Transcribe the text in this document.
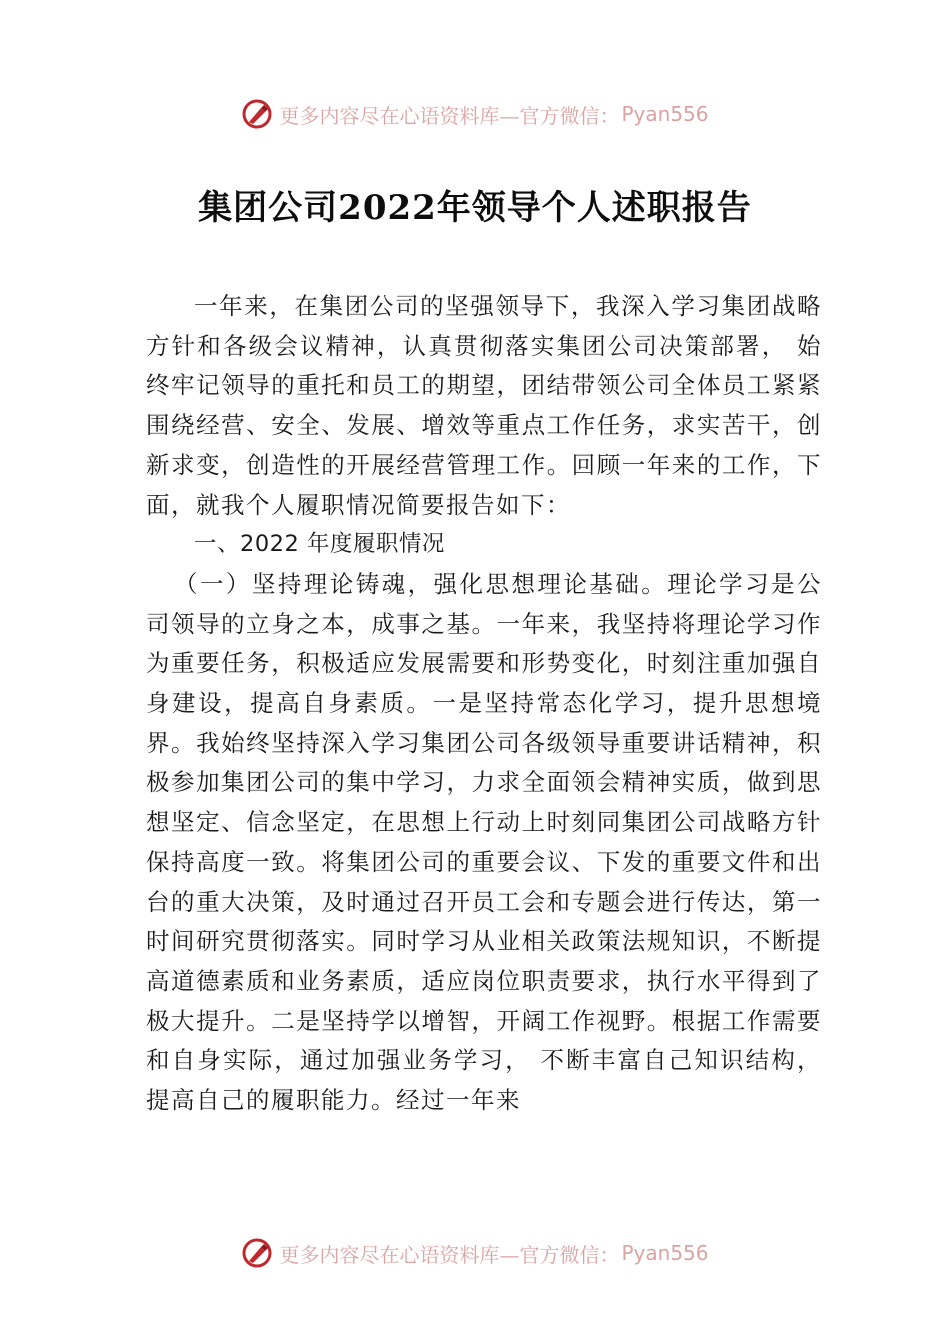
更多内容尽在心语资料库—官方微信： Pyan556
集团公司2022年领导个人述职报告

一年来，在集团公司的坚强领导下，我深入学习集团战略方针和各级会议精神，认真贯彻落实集团公司决策部署， 始终牢记领导的重托和员工的期望，团结带领公司全体员工紧紧围绕经营、安全、发展、增效等重点工作任务，求实苦干，创新求变，创造性的开展经营管理工作。回顾一年来的工作，下面，就我个人履职情况简要报告如下：

一、2022 年度履职情况

（一）坚持理论铸魂，强化思想理论基础。理论学习是公司领导的立身之本，成事之基。一年来，我坚持将理论学习作为重要任务，积极适应发展需要和形势变化，时刻注重加强自身建设，提高自身素质。一是坚持常态化学习，提升思想境界。我始终坚持深入学习集团公司各级领导重要讲话精神，积极参加集团公司的集中学习，力求全面领会精神实质，做到思想坚定、信念坚定，在思想上行动上时刻同集团公司战略方针保持高度一致。将集团公司的重要会议、下发的重要文件和出台的重大决策，及时通过召开员工会和专题会进行传达，第一时间研究贯彻落实。同时学习从业相关政策法规知识，不断提高道德素质和业务素质，适应岗位职责要求，执行水平得到了极大提升。二是坚持学以增智，开阔工作视野。根据工作需要和自身实际，通过加强业务学习， 不断丰富自己知识结构，提高自己的履职能力。经过一年来

更多内容尽在心语资料库—官方微信： Pyan556
